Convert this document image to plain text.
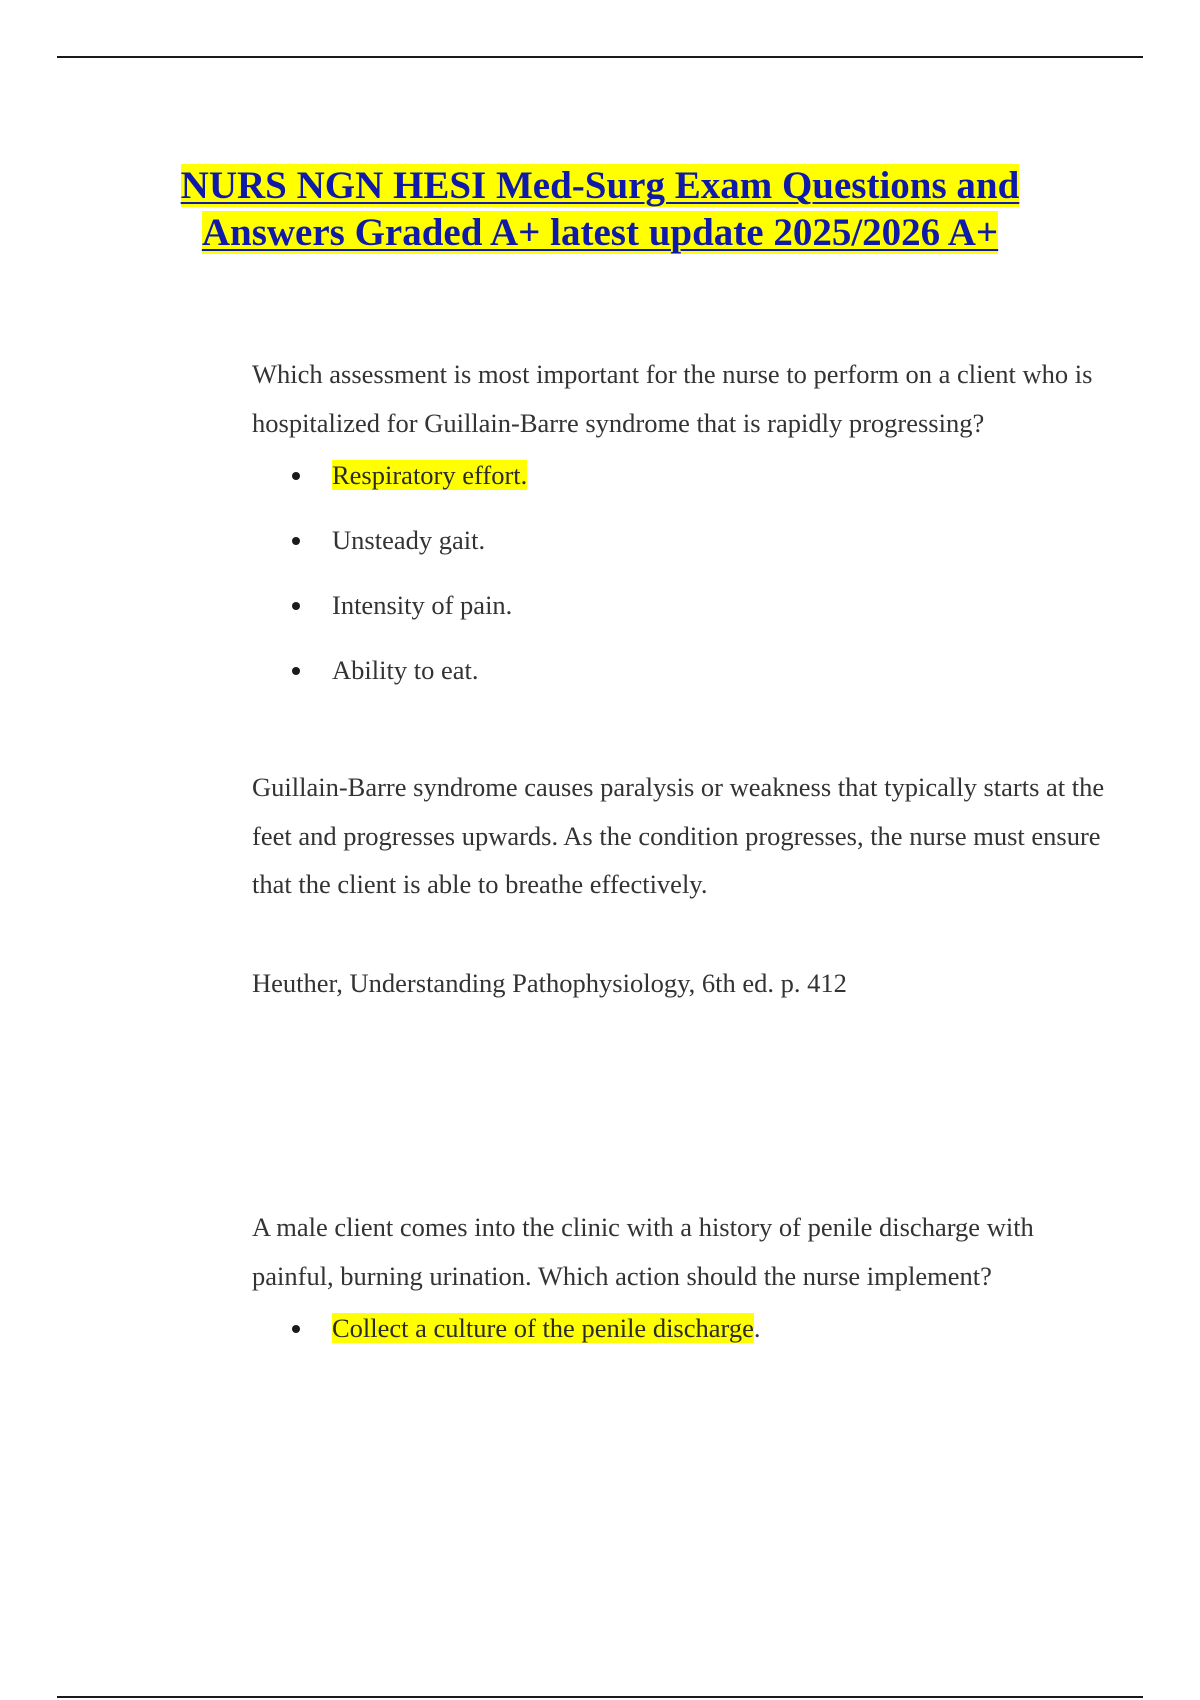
NURS NGN HESI Med-Surg Exam Questions and
Answers Graded A+ latest update 2025/2026 A+

Which assessment is most important for the nurse to perform on a client who is hospitalized for Guillain-Barre syndrome that is rapidly progressing?

Respiratory effort.
Unsteady gait.
Intensity of pain.
Ability to eat.

Guillain-Barre syndrome causes paralysis or weakness that typically starts at the feet and progresses upwards. As the condition progresses, the nurse must ensure that the client is able to breathe effectively.

Heuther, Understanding Pathophysiology, 6th ed. p. 412

A male client comes into the clinic with a history of penile discharge with painful, burning urination. Which action should the nurse implement?

Collect a culture of the penile discharge.
